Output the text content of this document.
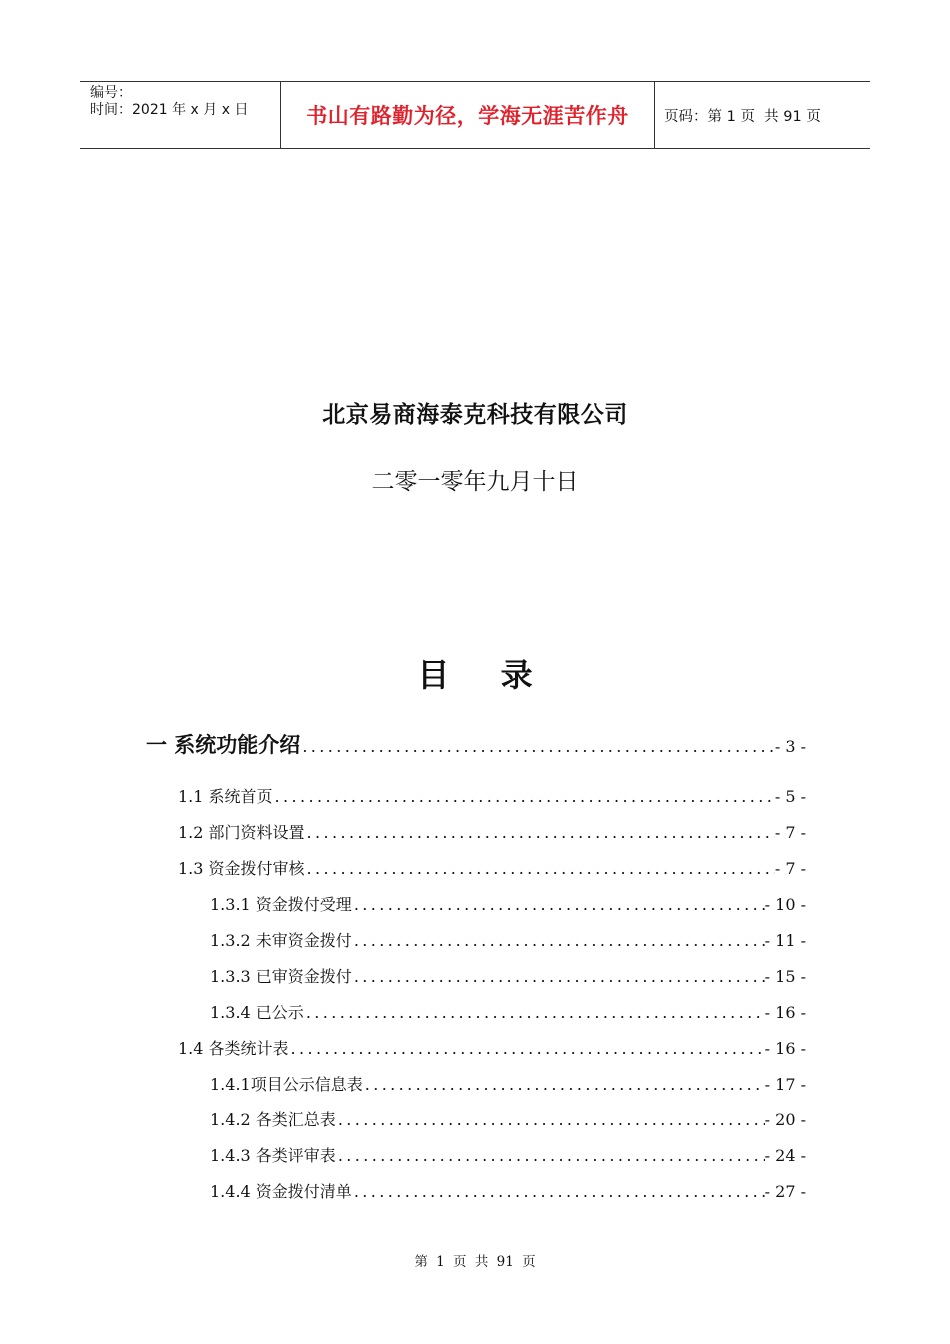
编号：
时间：2021 年 x 月 x 日	书山有路勤为径，学海无涯苦作舟	页码：第 1 页  共 91 页
北京易商海泰克科技有限公司
二零一零年九月十日
目 录
一 系统功能介绍 .....	- 3 -
1.1 系统首页 .....	- 5 -
1.2 部门资料设置 .....	- 7 -
1.3 资金拨付审核 .....	- 7 -
1.3.1 资金拨付受理 .....	- 10 -
1.3.2 未审资金拨付 .....	- 11 -
1.3.3 已审资金拨付 .....	- 15 -
1.3.4 已公示 .....	- 16 -
1.4 各类统计表 .....	- 16 -
1.4.1项目公示信息表 .....	- 17 -
1.4.2 各类汇总表 .....	- 20 -
1.4.3 各类评审表 .....	- 24 -
1.4.4 资金拨付清单 .....	- 27 -
第 1 页 共 91 页
